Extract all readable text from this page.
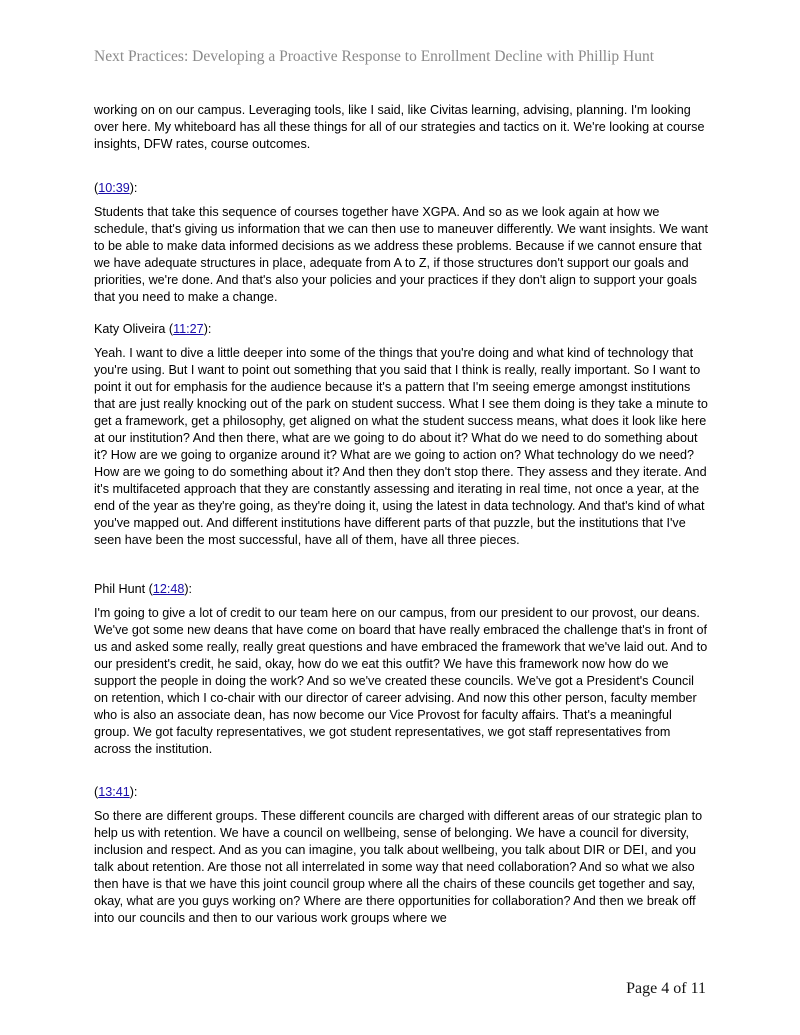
Next Practices: Developing a Proactive Response to Enrollment Decline with Phillip Hunt

working on on our campus. Leveraging tools, like I said, like Civitas learning, advising, planning. I'm looking over here. My whiteboard has all these things for all of our strategies and tactics on it. We're looking at course insights, DFW rates, course outcomes.

(10:39):

Students that take this sequence of courses together have XGPA. And so as we look again at how we schedule, that's giving us information that we can then use to maneuver differently. We want insights. We want to be able to make data informed decisions as we address these problems. Because if we cannot ensure that we have adequate structures in place, adequate from A to Z, if those structures don't support our goals and priorities, we're done. And that's also your policies and your practices if they don't align to support your goals that you need to make a change.

Katy Oliveira (11:27):

Yeah. I want to dive a little deeper into some of the things that you're doing and what kind of technology that you're using. But I want to point out something that you said that I think is really, really important. So I want to point it out for emphasis for the audience because it's a pattern that I'm seeing emerge amongst institutions that are just really knocking out of the park on student success. What I see them doing is they take a minute to get a framework, get a philosophy, get aligned on what the student success means, what does it look like here at our institution? And then there, what are we going to do about it? What do we need to do something about it? How are we going to organize around it? What are we going to action on? What technology do we need? How are we going to do something about it? And then they don't stop there. They assess and they iterate. And it's multifaceted approach that they are constantly assessing and iterating in real time, not once a year, at the end of the year as they're going, as they're doing it, using the latest in data technology. And that's kind of what you've mapped out. And different institutions have different parts of that puzzle, but the institutions that I've seen have been the most successful, have all of them, have all three pieces.

Phil Hunt (12:48):

I'm going to give a lot of credit to our team here on our campus, from our president to our provost, our deans. We've got some new deans that have come on board that have really embraced the challenge that's in front of us and asked some really, really great questions and have embraced the framework that we've laid out. And to our president's credit, he said, okay, how do we eat this outfit? We have this framework now how do we support the people in doing the work? And so we've created these councils. We've got a President's Council on retention, which I co-chair with our director of career advising. And now this other person, faculty member who is also an associate dean, has now become our Vice Provost for faculty affairs. That's a meaningful group. We got faculty representatives, we got student representatives, we got staff representatives from across the institution.

(13:41):

So there are different groups. These different councils are charged with different areas of our strategic plan to help us with retention. We have a council on wellbeing, sense of belonging. We have a council for diversity, inclusion and respect. And as you can imagine, you talk about wellbeing, you talk about DIR or DEI, and you talk about retention. Are those not all interrelated in some way that need collaboration? And so what we also then have is that we have this joint council group where all the chairs of these councils get together and say, okay, what are you guys working on? Where are there opportunities for collaboration? And then we break off into our councils and then to our various work groups where we

Page 4 of 11
